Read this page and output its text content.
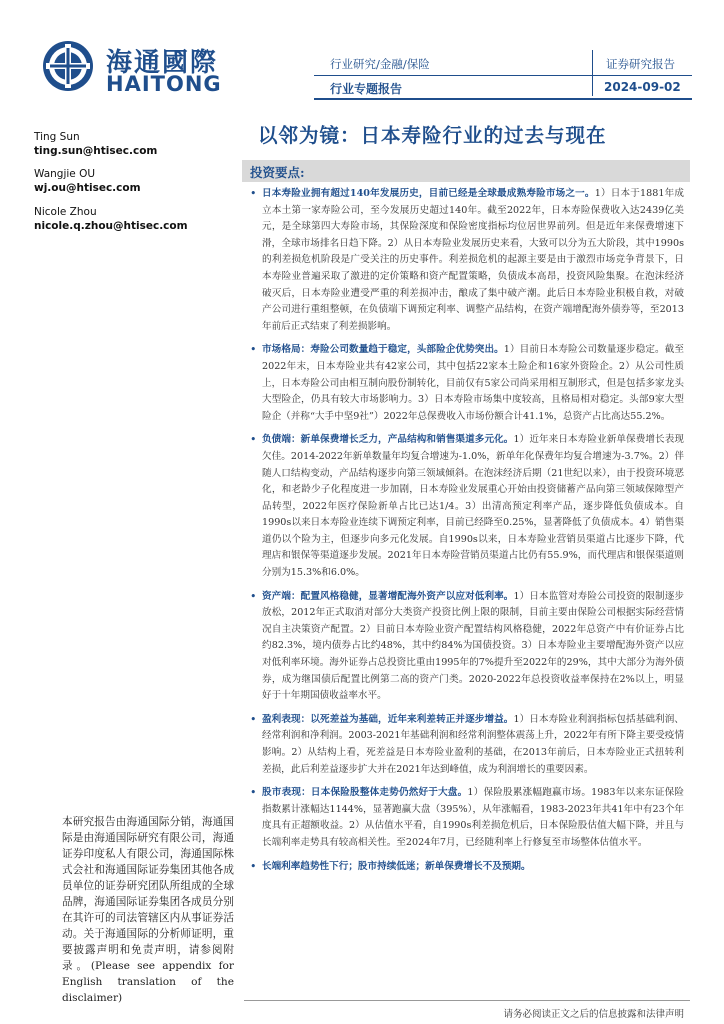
海通國際
HAITONG
行业研究/金融/保险
行业专题报告
证券研究报告
2024-09-02
以邻为镜：日本寿险行业的过去与现在
Ting Sun
ting.sun@htisec.com
Wangjie OU
wj.ou@htisec.com
Nicole Zhou
nicole.q.zhou@htisec.com
投资要点:

• 日本寿险业拥有超过140年发展历史，目前已经是全球最成熟寿险市场之一。1）日本于1881年成立本土第一家寿险公司，至今发展历史超过140年。截至2022年，日本寿险保费收入达2439亿美元，是全球第四大寿险市场，其保险深度和保险密度指标均位居世界前列。但是近年来保费增速下滑，全球市场排名日趋下降。2）从日本寿险业发展历史来看，大致可以分为五大阶段，其中1990s的利差损危机阶段是广受关注的历史事件。利差损危机的起源主要是由于激烈市场竞争背景下，日本寿险业普遍采取了激进的定价策略和资产配置策略，负债成本高昂，投资风险集聚。在泡沫经济破灭后，日本寿险业遭受严重的利差损冲击，酿成了集中破产潮。此后日本寿险业积极自救，对破产公司进行重组整顿，在负债端下调预定利率、调整产品结构，在资产端增配海外债券等，至2013年前后正式结束了利差损影响。

• 市场格局：寿险公司数量趋于稳定，头部险企优势突出。1）目前日本寿险公司数量逐步稳定。截至2022年末，日本寿险业共有42家公司，其中包括22家本土险企和16家外资险企。2）从公司性质上，日本寿险公司由相互制向股份制转化，目前仅有5家公司尚采用相互制形式，但是包括多家龙头大型险企，仍具有较大市场影响力。3）日本寿险市场集中度较高，且格局相对稳定。头部9家大型险企（并称“大手中坚9社”）2022年总保费收入市场份额合计41.1%，总资产占比高达55.2%。

• 负债端：新单保费增长乏力，产品结构和销售渠道多元化。1）近年来日本寿险业新单保费增长表现欠佳。2014-2022年新单数量年均复合增速为-1.0%，新单年化保费年均复合增速为-3.7%。2）伴随人口结构变动，产品结构逐步向第三领域倾斜。在泡沫经济后期（21世纪以来），由于投资环境恶化，和老龄少子化程度进一步加剧，日本寿险业发展重心开始由投资储蓄产品向第三领域保障型产品转型，2022年医疗保险新单占比已达1/4。3）出清高预定利率产品，逐步降低负债成本。自1990s以来日本寿险业连续下调预定利率，目前已经降至0.25%，显著降低了负债成本。4）销售渠道仍以个险为主，但逐步向多元化发展。自1990s以来，日本寿险业营销员渠道占比逐步下降，代理店和银保等渠道逐步发展。2021年日本寿险营销员渠道占比仍有55.9%，而代理店和银保渠道则分别为15.3%和6.0%。

• 资产端：配置风格稳健，显著增配海外资产以应对低利率。1）日本监管对寿险公司投资的限制逐步放松，2012年正式取消对部分大类资产投资比例上限的限制，目前主要由保险公司根据实际经营情况自主决策资产配置。2）目前日本寿险业资产配置结构风格稳健，2022年总资产中有价证券占比约82.3%，境内债券占比约48%，其中约84%为国债投资。3）日本寿险业主要增配海外资产以应对低利率环境。海外证券占总投资比重由1995年的7%提升至2022年的29%，其中大部分为海外债券，成为继国债后配置比例第二高的资产门类。2020-2022年总投资收益率保持在2%以上，明显好于十年期国债收益率水平。

• 盈利表现：以死差益为基础，近年来利差转正并逐步增益。1）日本寿险业利润指标包括基础利润、经常利润和净利润。2003-2021年基础利润和经常利润整体震荡上升，2022年有所下降主要受疫情影响。2）从结构上看，死差益是日本寿险业盈利的基础，在2013年前后，日本寿险业正式扭转利差损，此后利差益逐步扩大并在2021年达到峰值，成为利润增长的重要因素。

• 股市表现：日本保险股整体走势仍然好于大盘。1）保险股累涨幅跑赢市场。1983年以来东证保险指数累计涨幅达1144%，显著跑赢大盘（395%），从年涨幅看，1983-2023年共41年中有23个年度具有正超额收益。2）从估值水平看，自1990s利差损危机后，日本保险股估值大幅下降，并且与长端利率走势具有较高相关性。至2024年7月，已经随利率上行修复至市场整体估值水平。

• 长端利率趋势性下行；股市持续低迷；新单保费增长不及预期。

本研究报告由海通国际分销，海通国际是由海通国际研究有限公司，海通证券印度私人有限公司，海通国际株式会社和海通国际证券集团其他各成员单位的证券研究团队所组成的全球品牌，海通国际证券集团各成员分别在其许可的司法管辖区内从事证券活动。关于海通国际的分析师证明，重要披露声明和免责声明，请参阅附录。(Please see appendix for English translation of the disclaimer)
请务必阅读正文之后的信息披露和法律声明
